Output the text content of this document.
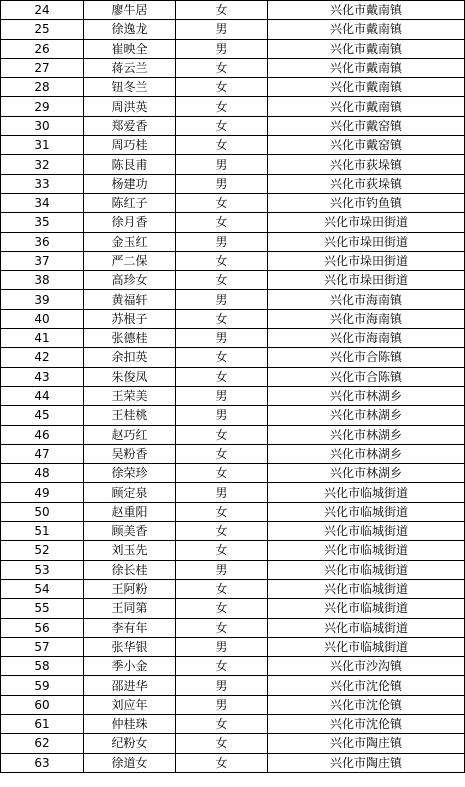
24	廖牛居	女	兴化市戴南镇
25	徐逸龙	男	兴化市戴南镇
26	崔映全	男	兴化市戴南镇
27	蒋云兰	女	兴化市戴南镇
28	钮冬兰	女	兴化市戴南镇
29	周洪英	女	兴化市戴南镇
30	郑爱香	女	兴化市戴窑镇
31	周巧桂	女	兴化市戴窑镇
32	陈艮甫	男	兴化市荻垛镇
33	杨建功	男	兴化市荻垛镇
34	陈红子	女	兴化市钓鱼镇
35	徐月香	女	兴化市垛田街道
36	金玉红	男	兴化市垛田街道
37	严二保	女	兴化市垛田街道
38	高珍女	女	兴化市垛田街道
39	黄福轩	男	兴化市海南镇
40	苏根子	女	兴化市海南镇
41	张德桂	男	兴化市海南镇
42	余扣英	女	兴化市合陈镇
43	朱俊凤	女	兴化市合陈镇
44	王荣美	男	兴化市林湖乡
45	王桂桃	男	兴化市林湖乡
46	赵巧红	女	兴化市林湖乡
47	吴粉香	女	兴化市林湖乡
48	徐荣珍	女	兴化市林湖乡
49	顾定泉	男	兴化市临城街道
50	赵重阳	女	兴化市临城街道
51	顾美香	女	兴化市临城街道
52	刘玉先	女	兴化市临城街道
53	徐长桂	男	兴化市临城街道
54	王阿粉	女	兴化市临城街道
55	王同第	女	兴化市临城街道
56	李有年	女	兴化市临城街道
57	张华银	男	兴化市临城街道
58	季小金	女	兴化市沙沟镇
59	邵进华	男	兴化市沈伦镇
60	刘应年	男	兴化市沈伦镇
61	仲桂珠	女	兴化市沈伦镇
62	纪粉女	女	兴化市陶庄镇
63	徐道女	女	兴化市陶庄镇
